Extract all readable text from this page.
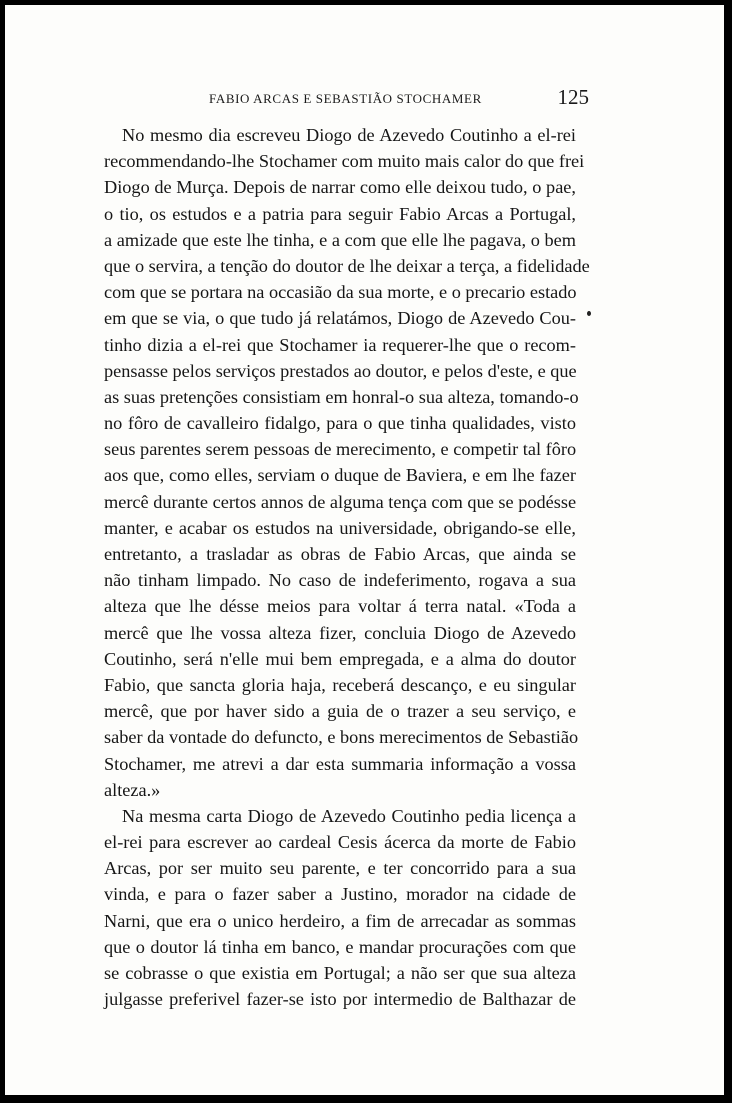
FABIO ARCAS E SEBASTIÃO STOCHAMER	125
No mesmo dia escreveu Diogo de Azevedo Coutinho a el-rei
recommendando-lhe Stochamer com muito mais calor do que frei
Diogo de Murça. Depois de narrar como elle deixou tudo, o pae,
o tio, os estudos e a patria para seguir Fabio Arcas a Portugal,
a amizade que este lhe tinha, e a com que elle lhe pagava, o bem
que o servira, a tenção do doutor de lhe deixar a terça, a fidelidade
com que se portara na occasião da sua morte, e o precario estado
em que se via, o que tudo já relatámos, Diogo de Azevedo Cou-
tinho dizia a el-rei que Stochamer ia requerer-lhe que o recom-
pensasse pelos serviços prestados ao doutor, e pelos d'este, e que
as suas pretenções consistiam em honral-o sua alteza, tomando-o
no fôro de cavalleiro fidalgo, para o que tinha qualidades, visto
seus parentes serem pessoas de merecimento, e competir tal fôro
aos que, como elles, serviam o duque de Baviera, e em lhe fazer
mercê durante certos annos de alguma tença com que se podésse
manter, e acabar os estudos na universidade, obrigando-se elle,
entretanto, a trasladar as obras de Fabio Arcas, que ainda se
não tinham limpado. No caso de indeferimento, rogava a sua
alteza que lhe désse meios para voltar á terra natal. «Toda a
mercê que lhe vossa alteza fizer, concluia Diogo de Azevedo
Coutinho, será n'elle mui bem empregada, e a alma do doutor
Fabio, que sancta gloria haja, receberá descanço, e eu singular
mercê, que por haver sido a guia de o trazer a seu serviço, e
saber da vontade do defuncto, e bons merecimentos de Sebastião
Stochamer, me atrevi a dar esta summaria informação a vossa
alteza.»
Na mesma carta Diogo de Azevedo Coutinho pedia licença a
el-rei para escrever ao cardeal Cesis ácerca da morte de Fabio
Arcas, por ser muito seu parente, e ter concorrido para a sua
vinda, e para o fazer saber a Justino, morador na cidade de
Narni, que era o unico herdeiro, a fim de arrecadar as sommas
que o doutor lá tinha em banco, e mandar procurações com que
se cobrasse o que existia em Portugal; a não ser que sua alteza
julgasse preferivel fazer-se isto por intermedio de Balthazar de
